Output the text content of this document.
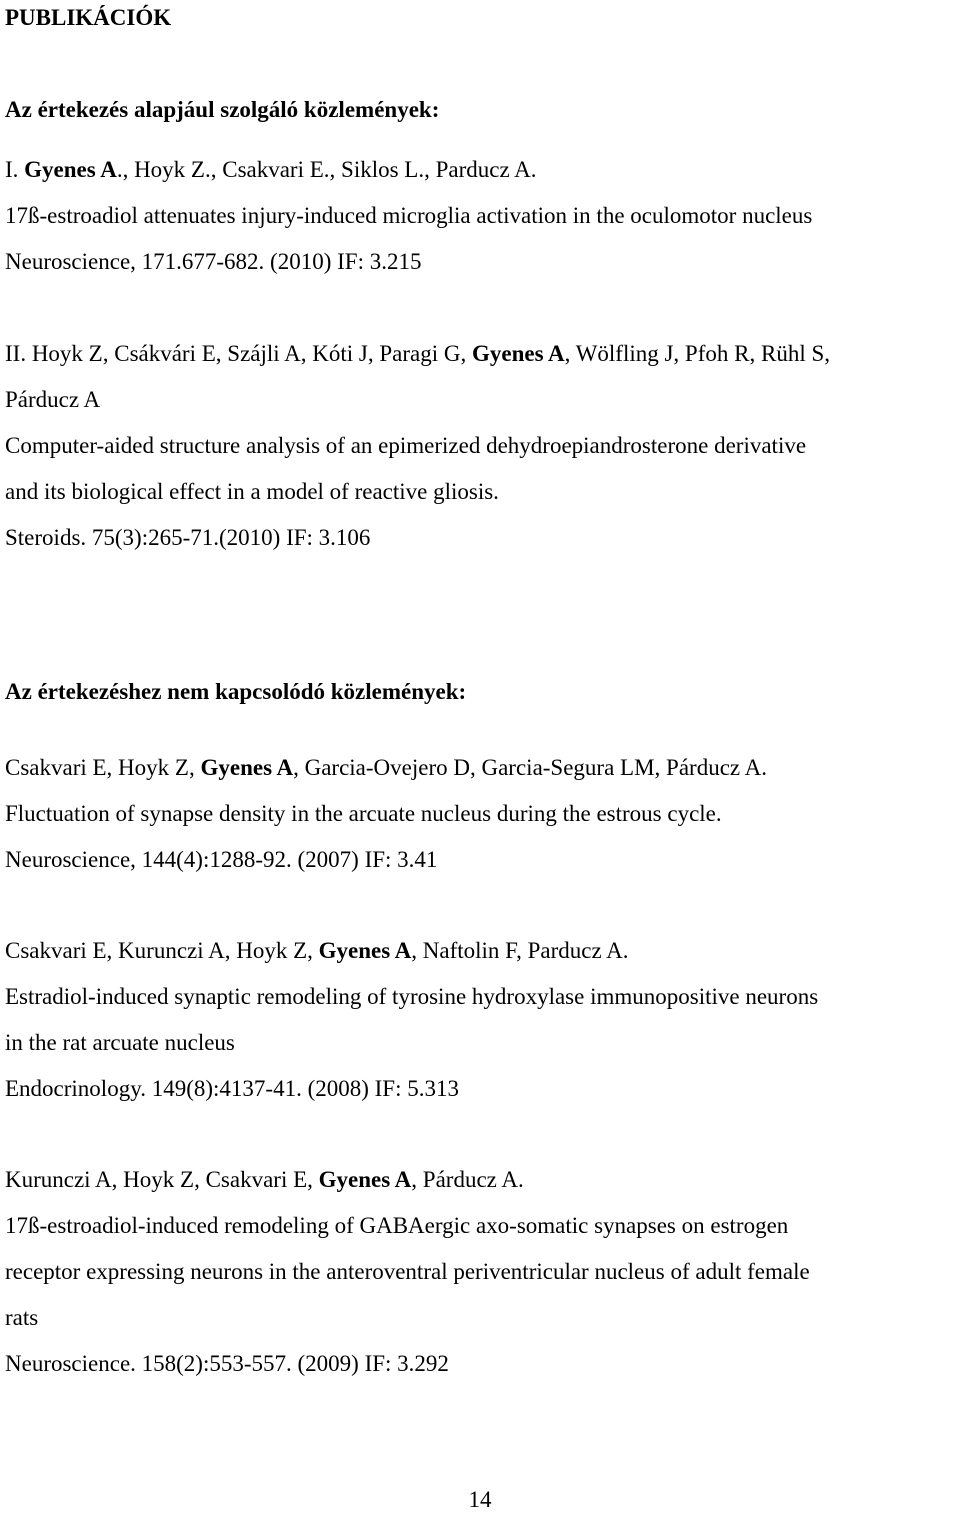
PUBLIKÁCIÓK
Az értekezés alapjául szolgáló közlemények:
I. Gyenes A., Hoyk Z., Csakvari E., Siklos L., Parducz A.
17ß-estroadiol attenuates injury-induced microglia activation in the oculomotor nucleus
Neuroscience, 171.677-682. (2010) IF: 3.215
II. Hoyk Z, Csákvári E, Szájli A, Kóti J, Paragi G, Gyenes A, Wölfling J, Pfoh R, Rühl S,
Párducz A
Computer-aided structure analysis of an epimerized dehydroepiandrosterone derivative
and its biological effect in a model of reactive gliosis.
Steroids. 75(3):265-71.(2010) IF: 3.106
Az értekezéshez nem kapcsolódó közlemények:
Csakvari E, Hoyk Z, Gyenes A, Garcia-Ovejero D, Garcia-Segura LM, Párducz A.
Fluctuation of synapse density in the arcuate nucleus during the estrous cycle.
Neuroscience, 144(4):1288-92. (2007) IF: 3.41
Csakvari E, Kurunczi A, Hoyk Z, Gyenes A, Naftolin F, Parducz A.
Estradiol-induced synaptic remodeling of tyrosine hydroxylase immunopositive neurons
in the rat arcuate nucleus
Endocrinology. 149(8):4137-41. (2008) IF: 5.313
Kurunczi A, Hoyk Z, Csakvari E, Gyenes A, Párducz A.
17ß-estroadiol-induced remodeling of GABAergic axo-somatic synapses on estrogen
receptor expressing neurons in the anteroventral periventricular nucleus of adult female
rats
Neuroscience. 158(2):553-557. (2009) IF: 3.292
14
